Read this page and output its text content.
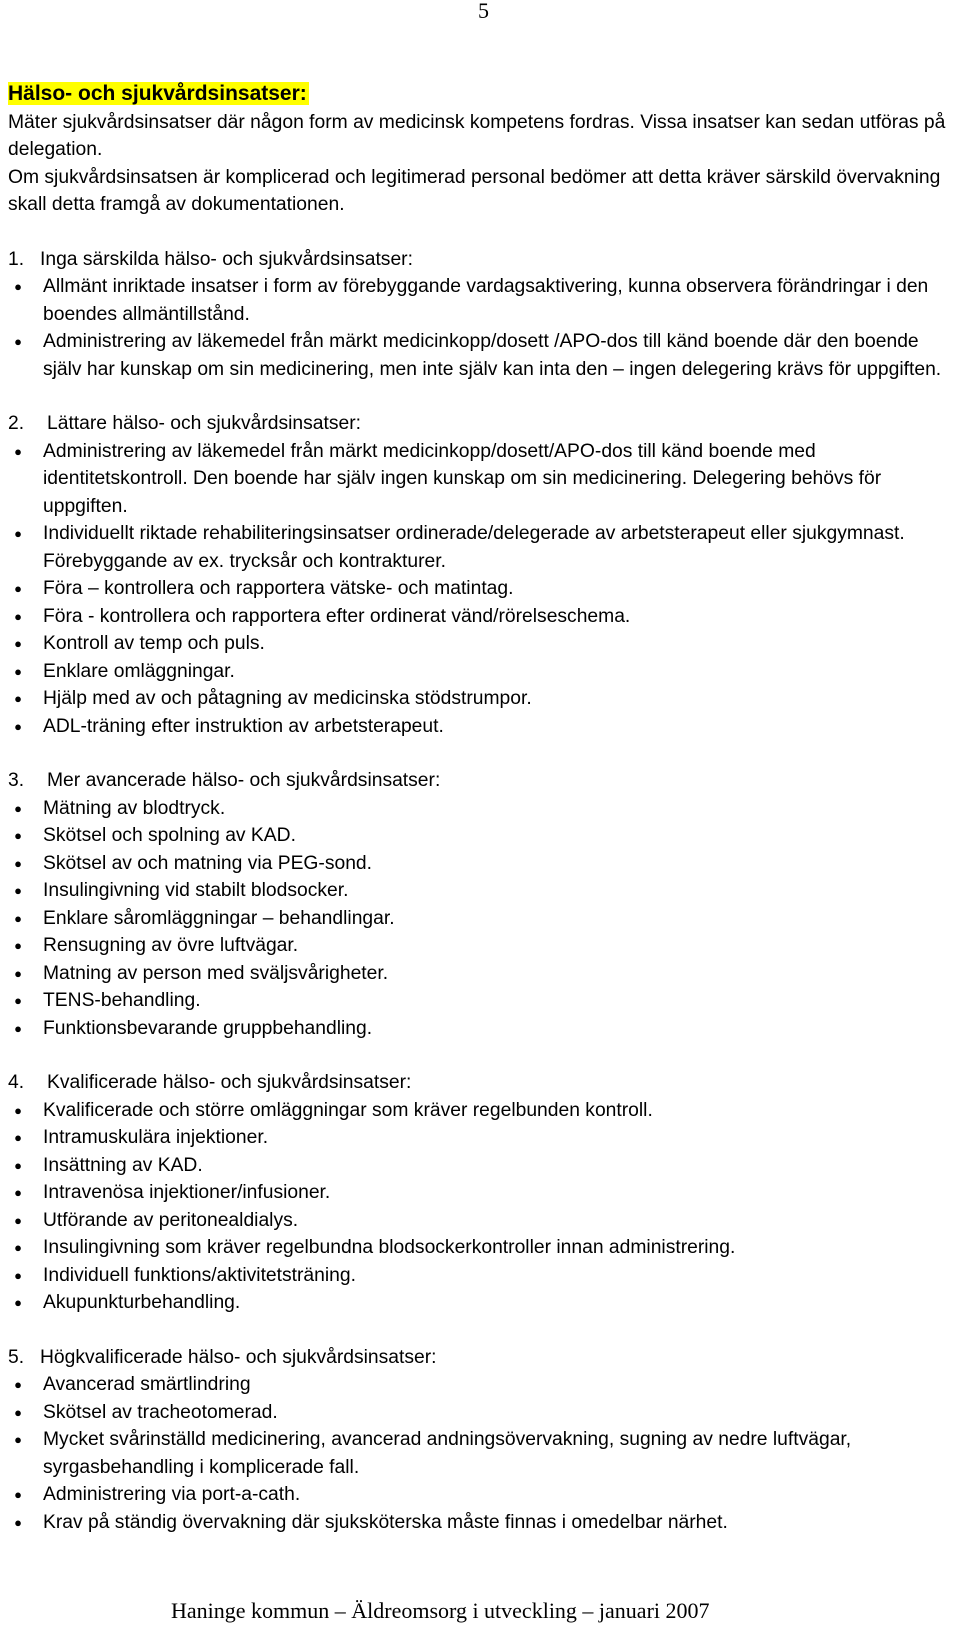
5

Hälso- och sjukvårdsinsatser:

Mäter sjukvårdsinsatser där någon form av medicinsk kompetens fordras. Vissa insatser kan sedan utföras på delegation.

Om sjukvårdsinsatsen är komplicerad och legitimerad personal bedömer att detta kräver särskild övervakning skall detta framgå av dokumentationen.

1. Inga särskilda hälso- och sjukvårdsinsatser:

●	Allmänt inriktade insatser i form av förebyggande vardagsaktivering, kunna observera förändringar i den boendes allmäntillstånd.
●	Administrering av läkemedel från märkt medicinkopp/dosett /APO-dos till känd boende där den boende själv har kunskap om sin medicinering, men inte själv kan inta den – ingen delegering krävs för uppgiften.

2. Lättare hälso- och sjukvårdsinsatser:

●	Administrering av läkemedel från märkt medicinkopp/dosett/APO-dos till känd boende med identitetskontroll. Den boende har själv ingen kunskap om sin medicinering. Delegering behövs för uppgiften.
●	Individuellt riktade rehabiliteringsinsatser ordinerade/delegerade av arbetsterapeut eller sjukgymnast. Förebyggande av ex. trycksår och kontrakturer.
●	Föra – kontrollera och rapportera vätske- och matintag.
●	Föra - kontrollera och rapportera efter ordinerat vänd/rörelseschema.
●	Kontroll av temp och puls.
●	Enklare omläggningar.
●	Hjälp med av och påtagning av medicinska stödstrumpor.
●	ADL-träning efter instruktion av arbetsterapeut.

3. Mer avancerade hälso- och sjukvårdsinsatser:

●	Mätning av blodtryck.
●	Skötsel och spolning av KAD.
●	Skötsel av och matning via PEG-sond.
●	Insulingivning vid stabilt blodsocker.
●	Enklare såromläggningar – behandlingar.
●	Rensugning av övre luftvägar.
●	Matning av person med sväljsvårigheter.
●	TENS-behandling.
●	Funktionsbevarande gruppbehandling.

4. Kvalificerade hälso- och sjukvårdsinsatser:

●	Kvalificerade och större omläggningar som kräver regelbunden kontroll.
●	Intramuskulära injektioner.
●	Insättning av KAD.
●	Intravenösa injektioner/infusioner.
●	Utförande av peritonealdialys.
●	Insulingivning som kräver regelbundna blodsockerkontroller innan administrering.
●	Individuell funktions/aktivitetsträning.
●	Akupunkturbehandling.

5. Högkvalificerade hälso- och sjukvårdsinsatser:

●	Avancerad smärtlindring
●	Skötsel av tracheotomerad.
●	Mycket svårinställd medicinering, avancerad andningsövervakning, sugning av nedre luftvägar, syrgasbehandling i komplicerade fall.
●	Administrering via port-a-cath.
●	Krav på ständig övervakning där sjuksköterska måste finnas i omedelbar närhet.
Haninge kommun – Äldreomsorg i utveckling – januari 2007
